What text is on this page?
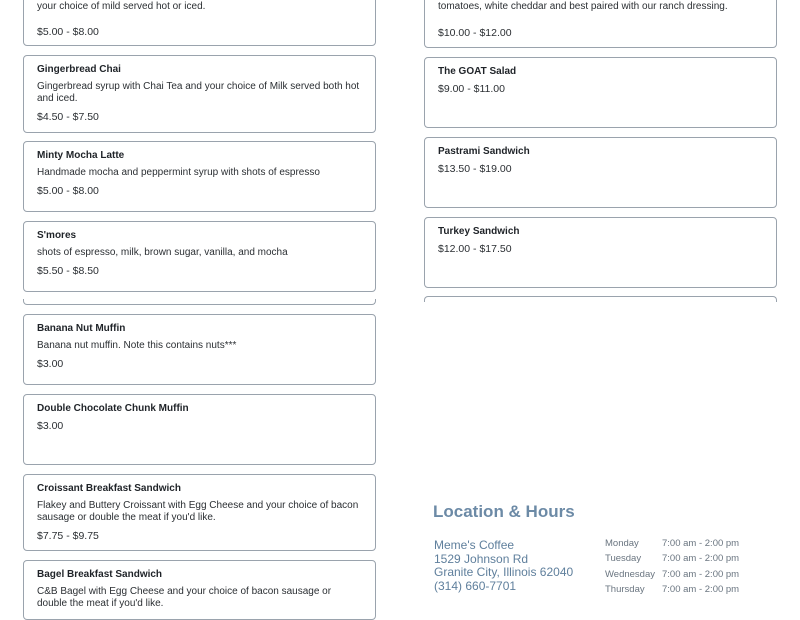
your choice of mild served hot or iced.
$5.00 - $8.00
Gingerbread Chai
Gingerbread syrup with Chai Tea and your choice of Milk served both hot and iced.
$4.50 - $7.50
Minty Mocha Latte
Handmade mocha and peppermint syrup with shots of espresso
$5.00 - $8.00
S'mores
shots of espresso, milk, brown sugar, vanilla, and mocha
$5.50 - $8.50
Banana Nut Muffin
Banana nut muffin. Note this contains nuts***
$3.00
Double Chocolate Chunk Muffin
$3.00
Croissant Breakfast Sandwich
Flakey and Buttery Croissant with Egg Cheese and your choice of bacon sausage or double the meat if you'd like.
$7.75 - $9.75
Bagel Breakfast Sandwich
C&B Bagel with Egg Cheese and your choice of bacon sausage or double the meat if you'd like.
tomatoes, white cheddar and best paired with our ranch dressing.
$10.00 - $12.00
The GOAT Salad
$9.00 - $11.00
Pastrami Sandwich
$13.50 - $19.00
Turkey Sandwich
$12.00 - $17.50
Location & Hours
Meme's Coffee
1529 Johnson Rd
Granite City, Illinois 62040
(314) 660-7701
Monday 7:00 am - 2:00 pm
Tuesday 7:00 am - 2:00 pm
Wednesday 7:00 am - 2:00 pm
Thursday 7:00 am - 2:00 pm
